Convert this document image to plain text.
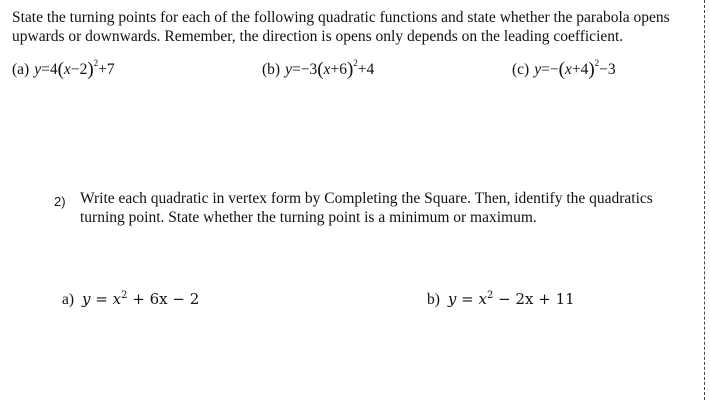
State the turning points for each of the following quadratic functions and state whether the parabola opens upwards or downwards. Remember, the direction is opens only depends on the leading coefficient.

(a) $y=4(x-2)^2+7$	(b) $y=-3(x+6)^2+4$	(c) $y=-(x+4)^2-3$
2) Write each quadratic in vertex form by Completing the Square. Then, identify the quadratics turning point. State whether the turning point is a minimum or maximum.

a) $y = x^2 + 6x - 2$	b) $y = x^2 - 2x + 11$
